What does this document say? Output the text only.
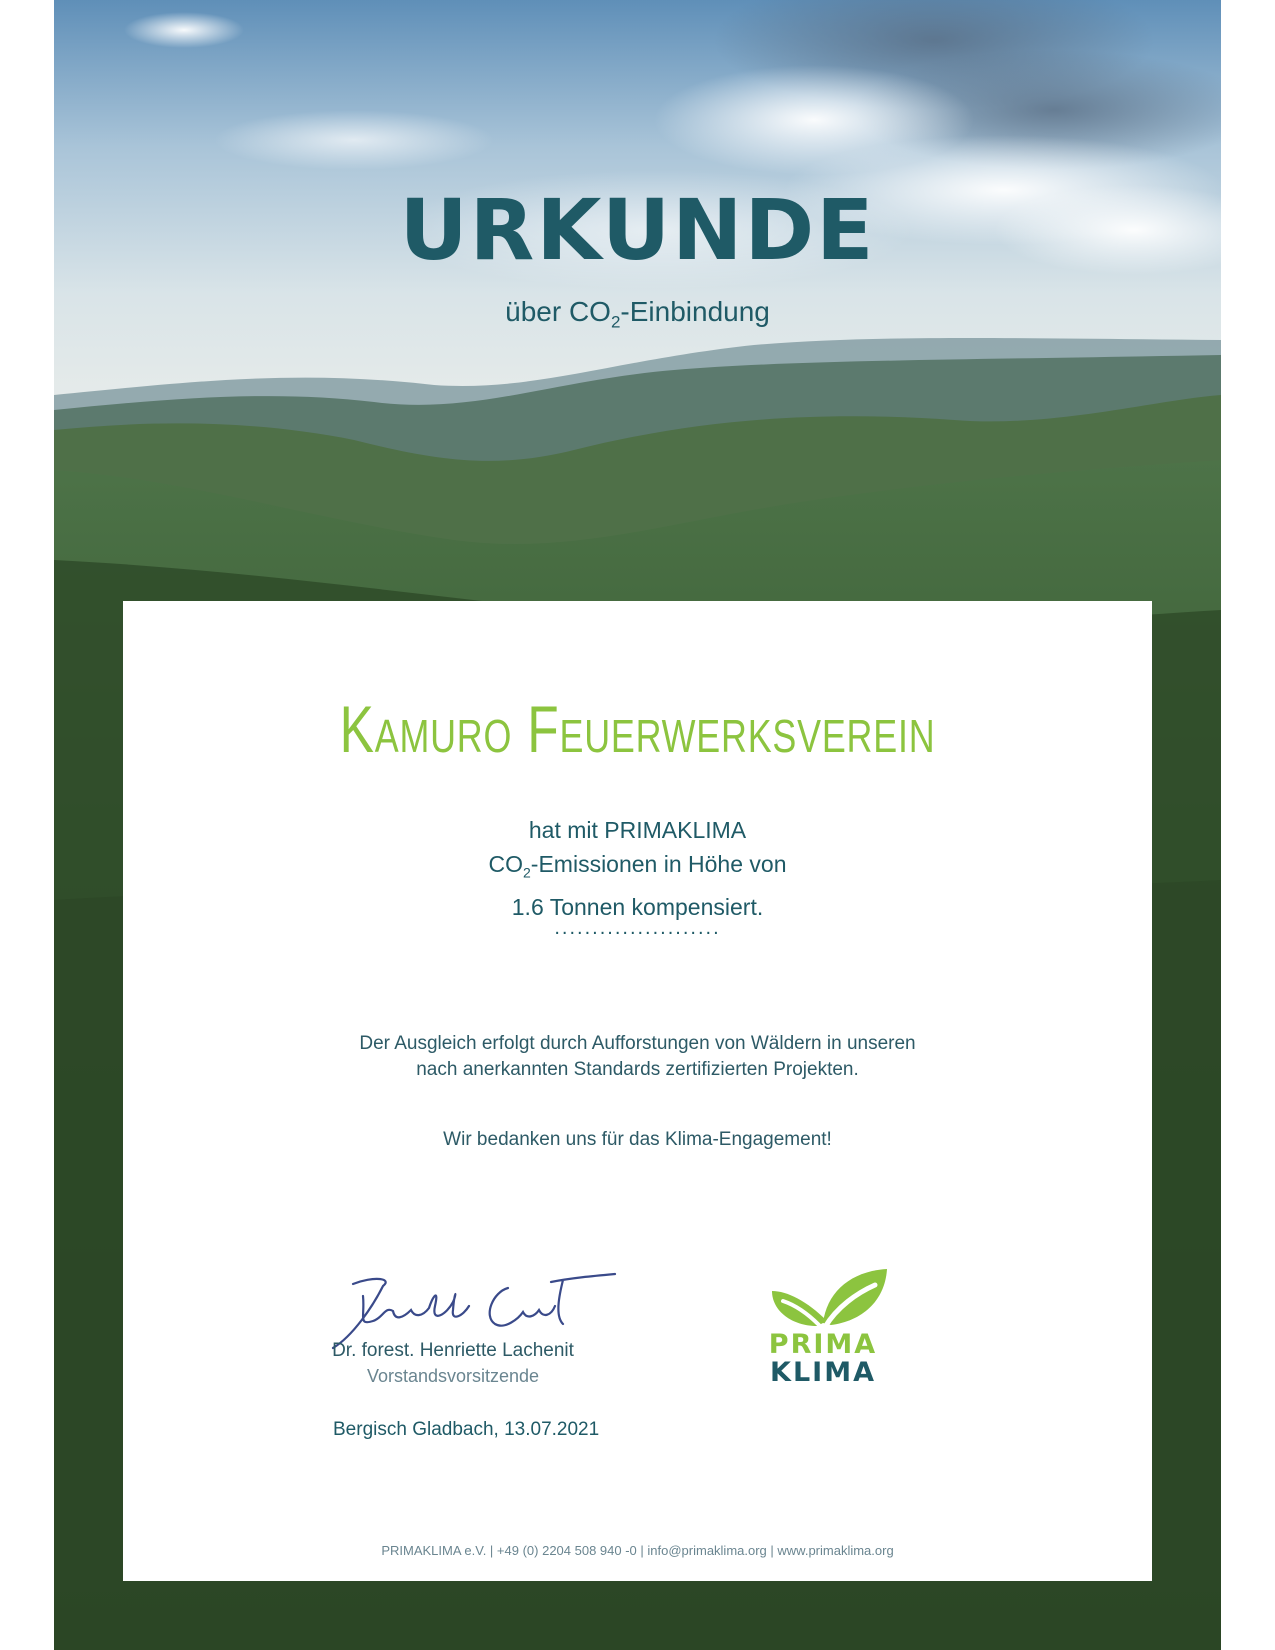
URKUNDE
über $CO_2$-Einbindung
Kamuro Feuerwerksverein
hat mit PRIMAKLIMA
$CO_2$-Emissionen in Höhe von
1.6 Tonnen kompensiert.
......................
Der Ausgleich erfolgt durch Aufforstungen von Wäldern in unseren
nach anerkannten Standards zertifizierten Projekten.
Wir bedanken uns für das Klima-Engagement!
Dr. forest. Henriette Lachenit
Vorstandsvorsitzende
Bergisch Gladbach, 13.07.2021
PRIMA
KLIMA
PRIMAKLIMA e.V. | +49 (0) 2204 508 940 -0 | info@primaklima.org | www.primaklima.org
